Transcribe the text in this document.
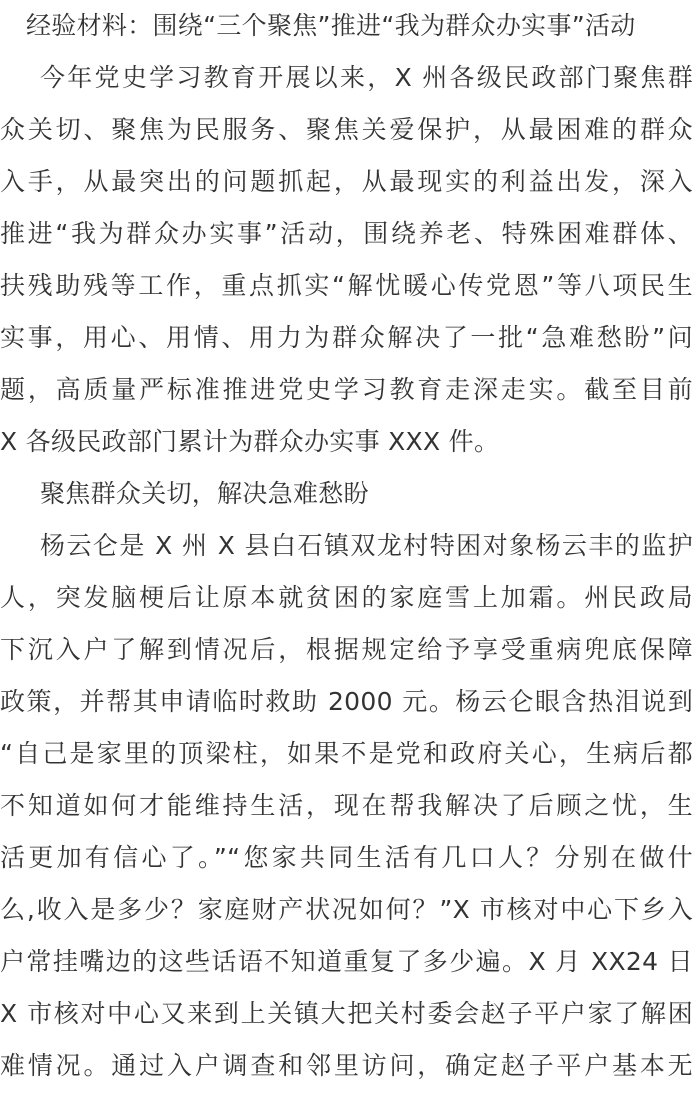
经验材料：围绕“三个聚焦”推进“我为群众办实事”活动
今年党史学习教育开展以来，X 州各级民政部门聚焦群
众关切、聚焦为民服务、聚焦关爱保护，从最困难的群众
入手，从最突出的问题抓起，从最现实的利益出发，深入
推进“我为群众办实事”活动，围绕养老、特殊困难群体、
扶残助残等工作，重点抓实“解忧暖心传党恩”等八项民生
实事，用心、用情、用力为群众解决了一批“急难愁盼”问
题，高质量严标准推进党史学习教育走深走实。截至目前
X 各级民政部门累计为群众办实事 XXX 件。
聚焦群众关切，解决急难愁盼
杨云仑是 X 州 X 县白石镇双龙村特困对象杨云丰的监护
人，突发脑梗后让原本就贫困的家庭雪上加霜。州民政局
下沉入户了解到情况后，根据规定给予享受重病兜底保障
政策，并帮其申请临时救助 2000 元。杨云仑眼含热泪说到
“自己是家里的顶梁柱，如果不是党和政府关心，生病后都
不知道如何才能维持生活，现在帮我解决了后顾之忧，生
活更加有信心了。”“您家共同生活有几口人？分别在做什
么,收入是多少？家庭财产状况如何？”X 市核对中心下乡入
户常挂嘴边的这些话语不知道重复了多少遍。X 月 XX24 日
X 市核对中心又来到上关镇大把关村委会赵子平户家了解困
难情况。通过入户调查和邻里访问，确定赵子平户基本无
